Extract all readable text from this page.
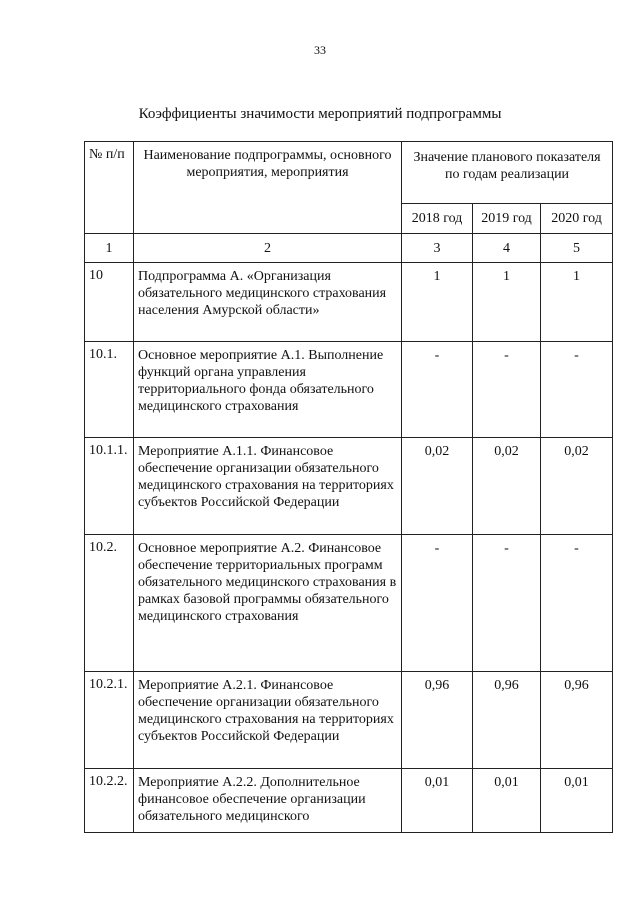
33
Коэффициенты значимости мероприятий подпрограммы
№ п/п	Наименование подпрограммы, основного мероприятия, мероприятия	Значение планового показателя по годам реализации		
		2018 год	2019 год	2020 год
1	2	3	4	5
10	Подпрограмма А. «Организация обязательного медицинского страхования населения Амурской области»	1	1	1
10.1.	Основное мероприятие А.1. Выполнение функций органа управления территориального фонда обязательного медицинского страхования	-	-	-
10.1.1.	Мероприятие А.1.1. Финансовое обеспечение организации обязательного медицинского страхования на территориях субъектов Российской Федерации	0,02	0,02	0,02
10.2.	Основное мероприятие А.2. Финансовое обеспечение территориальных программ обязательного медицинского страхования в рамках базовой программы обязательного медицинского страхования	-	-	-
10.2.1.	Мероприятие А.2.1. Финансовое обеспечение организации обязательного медицинского страхования на территориях субъектов Российской Федерации	0,96	0,96	0,96
10.2.2.	Мероприятие А.2.2. Дополнительное финансовое обеспечение организации обязательного медицинского	0,01	0,01	0,01
